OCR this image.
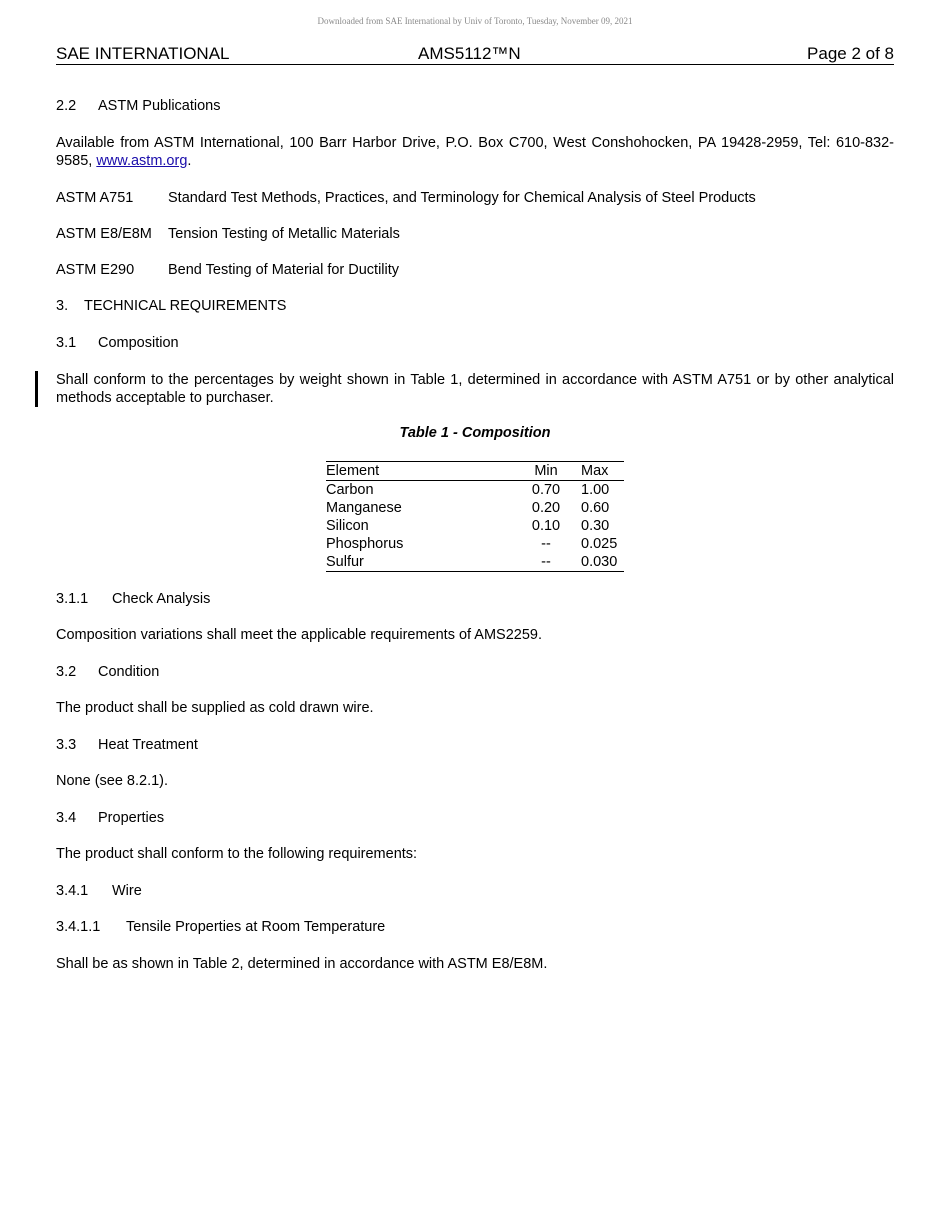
Downloaded from SAE International by Univ of Toronto, Tuesday, November 09, 2021
SAE INTERNATIONAL	AMS5112™N	Page 2 of 8
2.2 ASTM Publications
Available from ASTM International, 100 Barr Harbor Drive, P.O. Box C700, West Conshohocken, PA 19428-2959, Tel: 610-832-9585, www.astm.org.
ASTM A751 Standard Test Methods, Practices, and Terminology for Chemical Analysis of Steel Products
ASTM E8/E8M Tension Testing of Metallic Materials
ASTM E290 Bend Testing of Material for Ductility
3. TECHNICAL REQUIREMENTS
3.1 Composition
Shall conform to the percentages by weight shown in Table 1, determined in accordance with ASTM A751 or by other analytical methods acceptable to purchaser.
Table 1 - Composition
Element	Min	Max
Carbon	0.70	1.00
Manganese	0.20	0.60
Silicon	0.10	0.30
Phosphorus	--	0.025
Sulfur	--	0.030
3.1.1 Check Analysis
Composition variations shall meet the applicable requirements of AMS2259.
3.2 Condition
The product shall be supplied as cold drawn wire.
3.3 Heat Treatment
None (see 8.2.1).
3.4 Properties
The product shall conform to the following requirements:
3.4.1 Wire
3.4.1.1 Tensile Properties at Room Temperature
Shall be as shown in Table 2, determined in accordance with ASTM E8/E8M.
